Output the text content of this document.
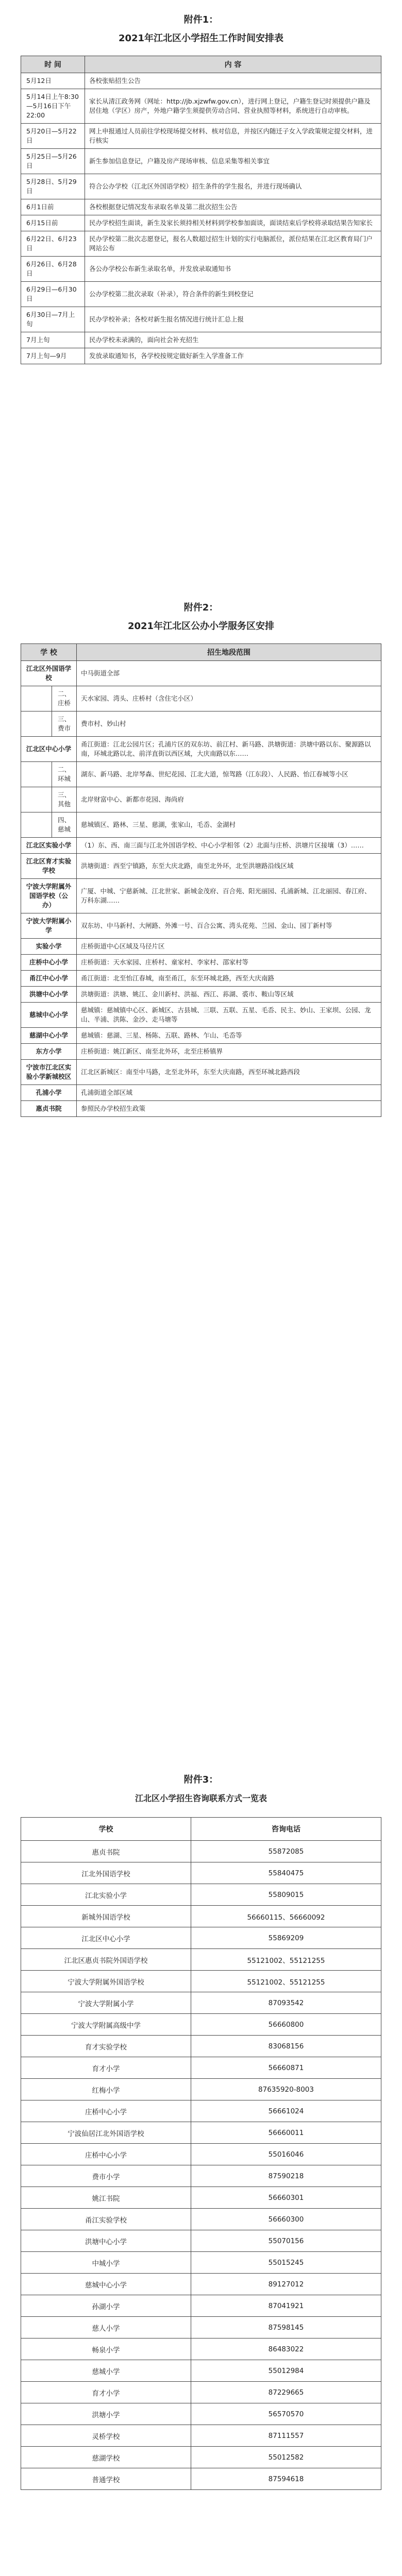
附件1：
2021年江北区小学招生工作时间安排表
时 间	内 容
5月12日	各校张贴招生公告
5月14日上午8:30—5月16日下午22:00	家长从清江政务网（网址：http://jb.xjzwfw.gov.cn），进行网上登记，户籍生登记时须提供户籍及居住地（学区）房产，外地户籍学生须提供劳动合同、营业执照等材料，系统进行自动审核。
5月20日—5月22日	网上申报通过人员前往学校现场提交材料、核对信息，并按区内随迁子女入学政策规定提交材料，进行核实
5月25日—5月26日	新生参加信息登记，户籍及房产现场审核、信息采集等相关事宜
5月28日、5月29日	符合公办学校（江北区外国语学校）招生条件的学生报名，并进行现场确认
6月1日前	各校根据登记情况发布录取名单及第二批次招生公告
6月15日前	民办学校招生面谈，新生及家长须持相关材料到学校参加面谈，面谈结束后学校将录取结果告知家长
6月22日、6月23日	民办学校第二批次志愿登记，报名人数超过招生计划的实行电脑派位，派位结果在江北区教育局门户网站公布
6月26日、6月28日	各公办学校公布新生录取名单，并发放录取通知书
6月29日—6月30日	公办学校第二批次录取（补录），符合条件的新生到校登记
6月30日—7月上旬	民办学校补录；各校对新生报名情况进行统计汇总上报
7月上旬	民办学校未录满的，面向社会补充招生
7月上旬—9月	发放录取通知书，各学校按规定做好新生入学准备工作
附件2：
2021年江北区公办小学服务区安排
学 校		招生地段范围
江北区外国语学校		中马街道全部
	二、庄桥	天水家园、湾头、庄桥村（含住宅小区）
	三、费市	费市村、妙山村
江北区中心小学		甬江街道：江北公园片区；孔浦片区的双东坊、前江村、新马路、洪塘街道：洪塘中路以东、聚源路以南，环城北路以北、前洋直街以西区域，大庆南路以东……
	二、环城	湖东、新马路、北岸琴森、世纪花园、江北大道，惊驾路（江东段）、人民路、怡江春城等小区
	三、其他	北岸财富中心、新都市花园、海尚府
	四、慈城	慈城镇区、路林、三星、慈湖，张家山，毛岙、金湖村
江北区实验小学		（1）东、西、南三面与江北外国语学校、中心小学相邻（2）北面与庄桥、洪塘片区接壤（3）……
江北区育才实验学校		洪塘街道：西至宁镇路，东至大庆北路，南至北外环，北至洪塘路沿线区域
宁波大学附属外国语学校（公办）		广厦、中城、宁慈新城、江北世家、新城金茂府、百合苑、阳光丽园、孔浦新城、江北丽园、春江府、万科东湖……
宁波大学附属小学		双东坊、中马新村、大闸路、外滩一号、百合公寓、湾头花苑、兰园、金山、园丁新村等
实验小学		庄桥街道中心区域及马径片区
庄桥中心小学		庄桥街道：天水家园、庄桥村、童家村、李家村、邵家村等
甬江中心小学		甬江街道：北至怡江春城，南至甬江，东至环城北路，西至大庆南路
洪塘中心小学		洪塘街道：洪塘、姚江、金川新村、洪福、西江、荪湖、裘市、鞍山等区域
慈城中心小学		慈城镇：慈城镇中心区、新城区、古县城、三联、五联、五星、毛岙、民主、妙山、王家坝、公园、龙山、半浦、洪陈、金沙、走马塘等
慈湖中心小学		慈城镇：慈湖、三星、杨陈、五联、路林、乍山、毛岙等
东方小学		庄桥街道：姚江新区、南至北外环，北至庄桥镇界
宁波市江北区实验小学新城校区		江北区新城区：南至中马路，北至北外环，东至大庆南路，西至环城北路西段
孔浦小学		孔浦街道全部区域
惠贞书院		参照民办学校招生政策
附件3：
江北区小学招生咨询联系方式一览表
学校	咨询电话
惠贞书院	55872085
江北外国语学校	55840475
江北实验小学	55809015
新城外国语学校	56660115、56660092
江北区中心小学	55869209
江北区惠贞书院外国语学校	55121002、55121255
宁波大学附属外国语学校	55121002、55121255
宁波大学附属小学	87093542
宁波大学附属高级中学	56660800
育才实验学校	83068156
育才小学	56660871
红梅小学	87635920-8003
庄桥中心小学	56661024
宁波仙居江北外国语学校	56660011
庄桥中心小学	55016046
费市小学	87590218
姚江书院	56660301
甬江实验学校	56660300
洪塘中心小学	55070156
中城小学	55015245
慈城中心小学	89127012
孙湖小学	87041921
慈人小学	87598145
畅泉小学	86483022
慈城小学	55012984
育才小学	87229665
洪塘小学	56570570
灵桥学校	87111557
慈湖学校	55012582
普通学校	87594618
